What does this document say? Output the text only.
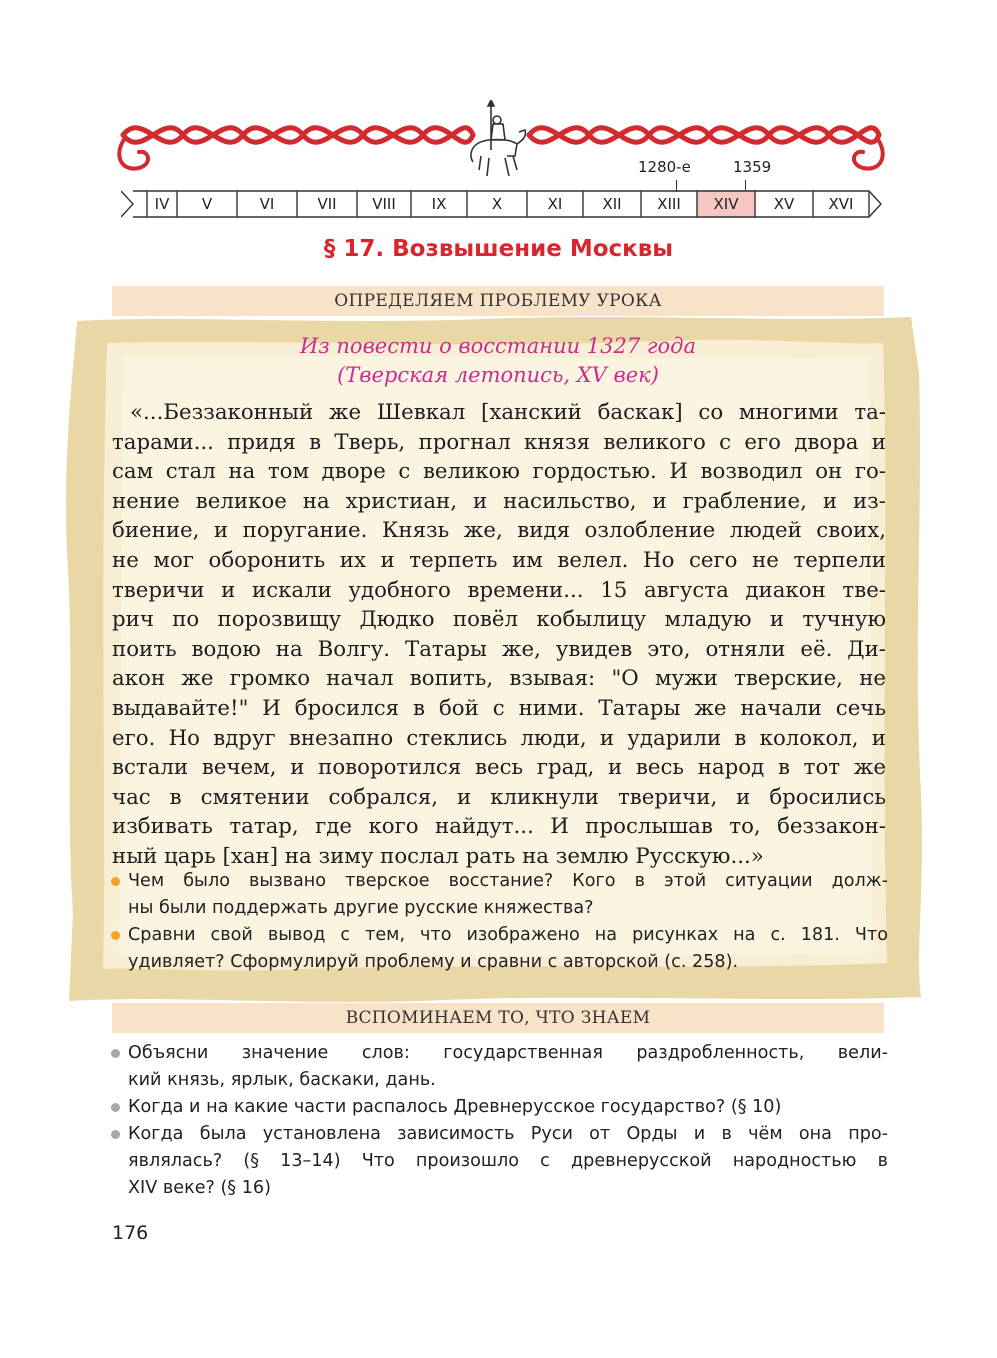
1280-е	1359
IV	V	VI	VII	VIII	IX	X	XI	XII	XIII	XIV	XV	XVI
§ 17. Возвышение Москвы
ОПРЕДЕЛЯЕМ ПРОБЛЕМУ УРОКА
Из повести о восстании 1327 года
(Тверская летопись, XV век)
«...Беззаконный же Шевкал [ханский баскак] со многими та-
тарами... придя в Тверь, прогнал князя великого с его двора и
сам стал на том дворе с великою гордостью. И возводил он го-
нение великое на христиан, и насильство, и грабление, и из-
биение, и поругание. Князь же, видя озлобление людей своих,
не мог оборонить их и терпеть им велел. Но сего не терпели
тверичи и искали удобного времени... 15 августа диакон твe-
рич по порозвищу Дюдко повёл кобылицу младую и тучную
поить водою на Волгу. Татары же, увидев это, отняли её. Ди-
акон же громко начал вопить, взывая: "О мужи тверские, не
выдавайте!" И бросился в бой с ними. Татары же начали сечь
его. Но вдруг внезапно стеклись люди, и ударили в колокол, и
встали вечем, и поворотился весь град, и весь народ в тот же
час в смятении собрался, и кликнули тверичи, и бросились
избивать татар, где кого найдут... И прослышав то, беззакон-
ный царь [хан] на зиму послал рать на землю Русскую...»
Чем было вызвано тверское восстание? Кого в этой ситуации долж-
ны были поддержать другие русские княжества?
Сравни свой вывод с тем, что изображено на рисунках на с. 181. Что
удивляет? Сформулируй проблему и сравни с авторской (с. 258).
ВСПОМИНАЕМ ТО, ЧТО ЗНАЕМ
Объясни значение слов: государственная раздробленность, вели-
кий князь, ярлык, баскаки, дань.
Когда и на какие части распалось Древнерусское государство? (§ 10)
Когда была установлена зависимость Руси от Орды и в чём она про-
являлась? (§ 13–14) Что произошло с древнерусской народностью в
XIV веке? (§ 16)
176
